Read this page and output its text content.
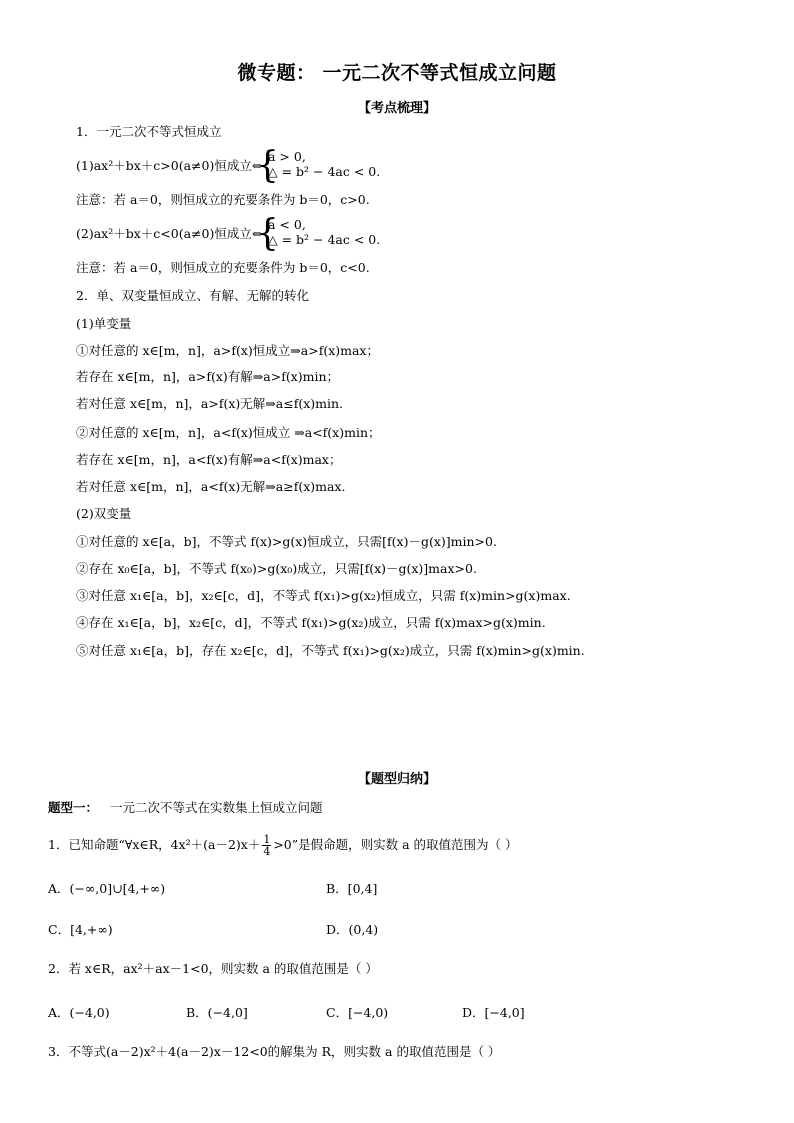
微专题： 一元二次不等式恒成立问题
【考点梳理】
1．一元二次不等式恒成立
(1)ax²＋bx＋c>0(a≠0)恒成立⇔
{
a > 0,
△ = b² − 4ac < 0.
注意：若 a＝0，则恒成立的充要条件为 b＝0，c>0.
(2)ax²＋bx＋c<0(a≠0)恒成立⇔
{
a < 0,
△ = b² − 4ac < 0.
注意：若 a＝0，则恒成立的充要条件为 b＝0，c<0.
2．单、双变量恒成立、有解、无解的转化
(1)单变量
①对任意的 x∈[m，n]，a>f(x)恒成立⇒a>f(x)max；
若存在 x∈[m，n]，a>f(x)有解⇒a>f(x)min；
若对任意 x∈[m，n]，a>f(x)无解⇒a≤f(x)min.
②对任意的 x∈[m，n]，a<f(x)恒成立 ⇒a<f(x)min；
若存在 x∈[m，n]，a<f(x)有解⇒a<f(x)max；
若对任意 x∈[m，n]，a<f(x)无解⇒a≥f(x)max.
(2)双变量
①对任意的 x∈[a，b]，不等式 f(x)>g(x)恒成立，只需[f(x)－g(x)]min>0.
②存在 x₀∈[a，b]，不等式 f(x₀)>g(x₀)成立，只需[f(x)－g(x)]max>0.
③对任意 x₁∈[a，b]，x₂∈[c，d]，不等式 f(x₁)>g(x₂)恒成立，只需 f(x)min>g(x)max.
④存在 x₁∈[a，b]，x₂∈[c，d]，不等式 f(x₁)>g(x₂)成立，只需 f(x)max>g(x)min.
⑤对任意 x₁∈[a，b]，存在 x₂∈[c，d]，不等式 f(x₁)>g(x₂)成立，只需 f(x)min>g(x)min.
【题型归纳】
题型一： 一元二次不等式在实数集上恒成立问题
1．已知命题“∀x∈R，$4x^2+(a-2)x+ \frac{1}{4} >0$”是假命题，则实数 a 的取值范围为（ ）
A．(−∞,0]∪[4,+∞)	B．[0,4]
C．[4,+∞)	D．(0,4)
2．若 x∈R，ax²＋ax－1<0，则实数 a 的取值范围是（ ）
A．(−4,0)	B．(−4,0]	C．[−4,0)	D．[−4,0]
3．不等式(a－2)x²＋4(a－2)x－12<0的解集为 R，则实数 a 的取值范围是（ ）
